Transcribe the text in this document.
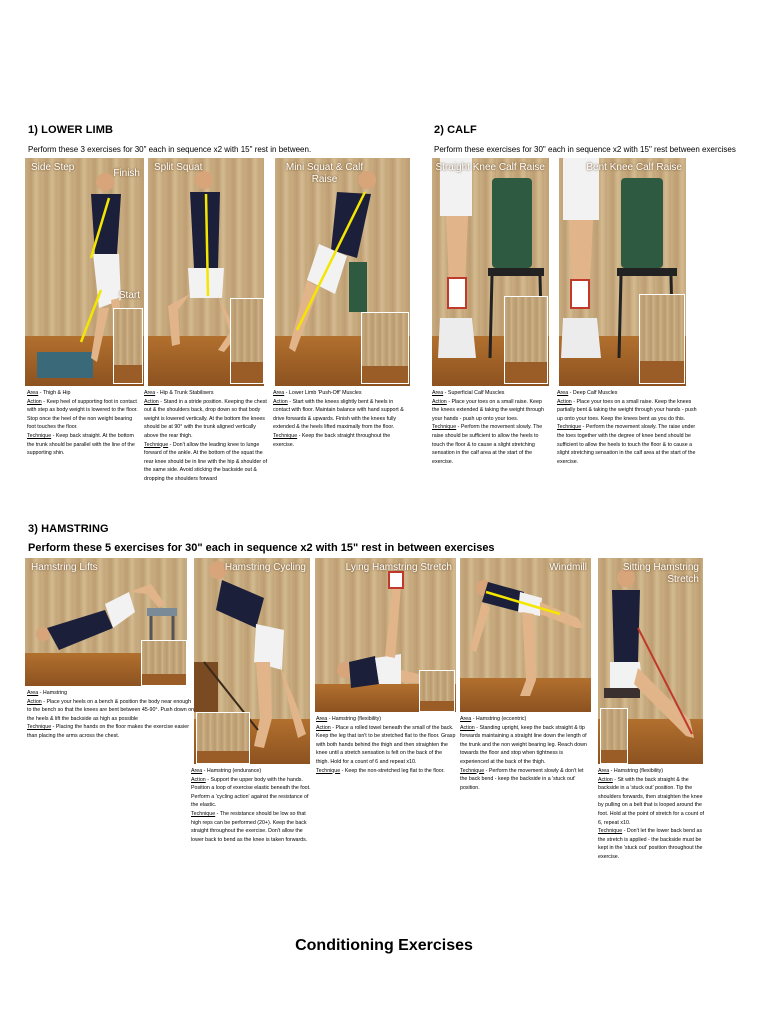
1) LOWER LIMB
Perform these 3 exercises for 30" each in sequence x2 with 15" rest in between.
2) CALF
Perform these exercises for 30" each in sequence x2 with 15" rest between exercises
3) HAMSTRING
Perform these 5 exercises for 30" each in sequence x2 with 15" rest in between exercises
Side Step
Finish
Start
Split Squat	Mini Squat & Calf Raise
Straight Knee Calf Raise	Bent Knee Calf Raise
Area - Thigh & Hip
Action - Keep heel of supporting foot in contact with step as body weight is lowered to the floor. Stop once the heel of the non weight bearing foot touches the floor.
Technique - Keep back straight. At the bottom the trunk should be parallel with the line of the supporting shin.
Area - Hip & Trunk Stabilisers
Action - Stand in a stride position. Keeping the chest out & the shoulders back, drop down so that body weight is lowered vertically. At the bottom the knees should be at 90° with the trunk aligned vertically above the rear thigh.
Technique - Don't allow the leading knee to lunge forward of the ankle. At the bottom of the squat the rear knee should be in line with the hip & shoulder of the same side. Avoid sticking the backside out & dropping the shoulders forward
Area - Lower Limb 'Push-Off' Muscles
Action - Start with the knees slightly bent & heels in contact with floor. Maintain balance with hand support & drive forwards & upwards. Finish with the knees fully extended & the heels lifted maximally from the floor.
Technique - Keep the back straight throughout the exercise.
Area - Superficial Calf Muscles
Action - Place your toes on a small raise. Keep the knees extended & taking the weight through your hands - push up onto your toes.
Technique - Perform the movement slowly. The raise should be sufficient to allow the heels to touch the floor & to cause a slight stretching sensation in the calf area at the start of the exercise.
Area - Deep Calf Muscles
Action - Place your toes on a small raise. Keep the knees partially bent & taking the weight through your hands - push up onto your toes. Keep the knees bent as you do this.
Technique - Perform the movement slowly. The raise under the toes together with the degree of knee bend should be sufficient to allow the heels to touch the floor & to cause a slight stretching sensation in the calf area at the start of the exercise.
Hamstring Lifts	Hamstring Cycling	Lying Hamstring Stretch	Windmill	Sitting Hamstring Stretch
Area - Hamstring
Action - Place your heels on a bench & position the body near enough to the bench so that the knees are bent between 45-90°. Push down on the heels & lift the backside as high as possible
Technique - Placing the hands on the floor makes the exercise easier than placing the arms across the chest.
Area - Hamstring (endurance)
Action - Support the upper body with the hands. Position a loop of exercise elastic beneath the foot. Perform a 'cycling action' against the resistance of the elastic.
Technique - The resistance should be low so that high reps can be performed (20+). Keep the back straight throughout the exercise. Don't allow the lower back to bend as the knee is taken forwards.
Area - Hamstring (flexibility)
Action - Place a rolled towel beneath the small of the back. Keep the leg that isn't to be stretched flat to the floor. Grasp with both hands behind the thigh and then straighten the knee until a stretch sensation is felt on the back of the thigh. Hold for a count of 6 and repeat x10.
Technique - Keep the non-stretched leg flat to the floor.
Area - Hamstring (eccentric)
Action - Standing upright, keep the back straight & tip forwards maintaining a straight line down the length of the trunk and the non weight bearing leg. Reach down towards the floor and stop when tightness is experienced at the back of the thigh.
Technique - Perform the movement slowly & don't let the back bend - keep the backside in a 'stuck out' position.
Area - Hamstring (flexibility)
Action - Sit with the back straight & the backside in a 'stuck out' position. Tip the shoulders forwards, then straighten the knee by pulling on a belt that is looped around the foot. Hold at the point of stretch for a count of 6, repeat x10.
Technique - Don't let the lower back bend as the stretch is applied - the backside must be kept in the 'stuck out' position throughout the exercise.
Conditioning Exercises
